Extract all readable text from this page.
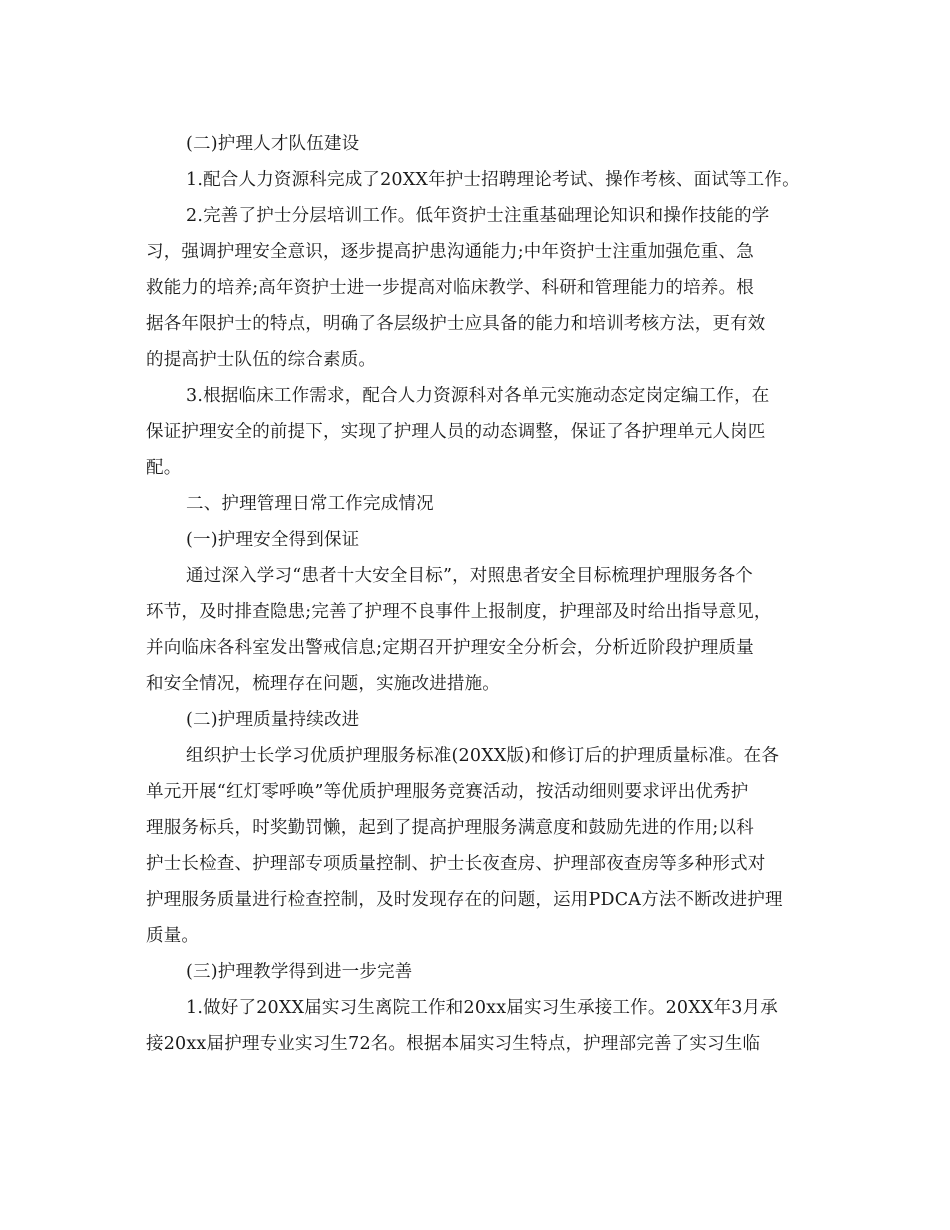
(二)护理人才队伍建设
1.配合人力资源科完成了20XX年护士招聘理论考试、操作考核、面试等工作。
2.完善了护士分层培训工作。低年资护士注重基础理论知识和操作技能的学
习，强调护理安全意识，逐步提高护患沟通能力;中年资护士注重加强危重、急
救能力的培养;高年资护士进一步提高对临床教学、科研和管理能力的培养。根
据各年限护士的特点，明确了各层级护士应具备的能力和培训考核方法，更有效
的提高护士队伍的综合素质。
3.根据临床工作需求，配合人力资源科对各单元实施动态定岗定编工作，在
保证护理安全的前提下，实现了护理人员的动态调整，保证了各护理单元人岗匹
配。
二、护理管理日常工作完成情况
(一)护理安全得到保证
通过深入学习“患者十大安全目标”，对照患者安全目标梳理护理服务各个
环节，及时排查隐患;完善了护理不良事件上报制度，护理部及时给出指导意见，
并向临床各科室发出警戒信息;定期召开护理安全分析会，分析近阶段护理质量
和安全情况，梳理存在问题，实施改进措施。
(二)护理质量持续改进
组织护士长学习优质护理服务标准(20XX版)和修订后的护理质量标准。在各
单元开展“红灯零呼唤”等优质护理服务竞赛活动，按活动细则要求评出优秀护
理服务标兵，时奖勤罚懒，起到了提高护理服务满意度和鼓励先进的作用;以科
护士长检查、护理部专项质量控制、护士长夜查房、护理部夜查房等多种形式对
护理服务质量进行检查控制，及时发现存在的问题，运用PDCA方法不断改进护理
质量。
(三)护理教学得到进一步完善
1.做好了20XX届实习生离院工作和20xx届实习生承接工作。20XX年3月承
接20xx届护理专业实习生72名。根据本届实习生特点，护理部完善了实习生临
